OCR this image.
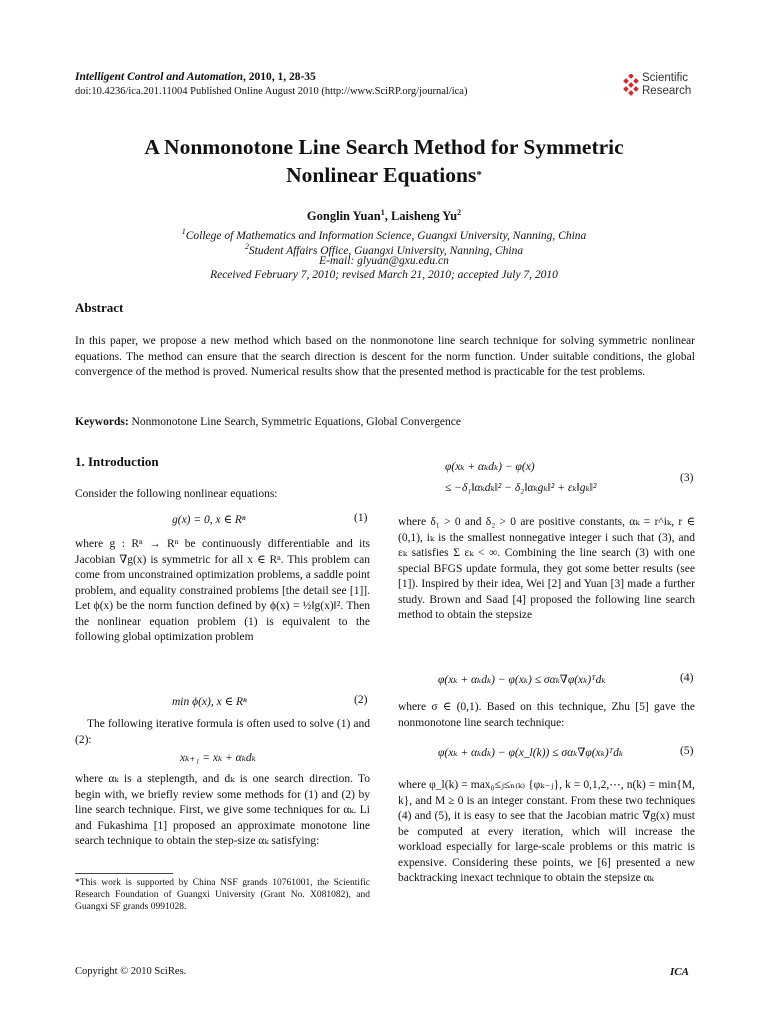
Intelligent Control and Automation, 2010, 1, 28-35
doi:10.4236/ica.201.11004 Published Online August 2010 (http://www.SciRP.org/journal/ica)
Scientific
Research
A Nonmonotone Line Search Method for Symmetric
Nonlinear Equations*
Gonglin Yuan$^1$, Laisheng Yu$^2$
$^1$College of Mathematics and Information Science, Guangxi University, Nanning, China
$^2$Student Affairs Office, Guangxi University, Nanning, China
E-mail: glyuan@gxu.edu.cn
Received February 7, 2010; revised March 21, 2010; accepted July 7, 2010
Abstract
In this paper, we propose a new method which based on the nonmonotone line search technique for solving symmetric nonlinear equations. The method can ensure that the search direction is descent for the norm function. Under suitable conditions, the global convergence of the method is proved. Numerical results show that the presented method is practicable for the test problems.
Keywords: Nonmonotone Line Search, Symmetric Equations, Global Convergence
1. Introduction
Consider the following nonlinear equations:
g(x) = 0, x ∈ Rⁿ	(1)
where g : Rⁿ → Rⁿ be continuously differentiable and its Jacobian ∇g(x) is symmetric for all x ∈ Rⁿ. This problem can come from unconstrained optimization problems, a saddle point problem, and equality constrained problems [the detail see [1]]. Let ϕ(x) be the norm function defined by ϕ(x) = ½‖g(x)‖². Then the nonlinear equation problem (1) is equivalent to the following global optimization problem
min ϕ(x), x ∈ Rⁿ	(2)
The following iterative formula is often used to solve (1) and (2):
xₖ₊₁ = xₖ + αₖdₖ
where αₖ is a steplength, and dₖ is one search direction. To begin with, we briefly review some methods for (1) and (2) by line search technique. First, we give some techniques for αₖ. Li and Fukashima [1] proposed an approximate monotone line search technique to obtain the step-size αₖ satisfying:
*This work is supported by China NSF grands 10761001, the Scientific Research Foundation of Guangxi University (Grant No. X081082), and Guangxi SF grands 0991028.
φ(xₖ + αₖdₖ) − φ(x)
≤ −δ₁‖αₖdₖ‖² − δ₂‖αₖgₖ‖² + εₖ‖gₖ‖²
(3)
where δ₁ > 0 and δ₂ > 0 are positive constants, αₖ = r^iₖ, r ∈ (0,1), iₖ is the smallest nonnegative integer i such that (3), and εₖ satisfies Σ εₖ < ∞. Combining the line search (3) with one special BFGS update formula, they got some better results (see [1]). Inspired by their idea, Wei [2] and Yuan [3] made a further study. Brown and Saad [4] proposed the following line search method to obtain the stepsize
φ(xₖ + αₖdₖ) − φ(xₖ) ≤ σαₖ∇φ(xₖ)ᵀdₖ	(4)
where σ ∈ (0,1). Based on this technique, Zhu [5] gave the nonmonotone line search technique:
φ(xₖ + αₖdₖ) − φ(x_l(k)) ≤ σαₖ∇φ(xₖ)ᵀdₖ	(5)
where φ_l(k) = max₀≤ⱼ≤ₙ₍ₖ₎ {φₖ₋ⱼ}, k = 0,1,2,⋯, n(k) = min{M, k}, and M ≥ 0 is an integer constant. From these two techniques (4) and (5), it is easy to see that the Jacobian matric ∇g(x) must be computed at every iteration, which will increase the workload especially for large-scale problems or this matric is expensive. Considering these points, we [6] presented a new backtracking inexact technique to obtain the stepsize αₖ
Copyright © 2010 SciRes.	ICA
